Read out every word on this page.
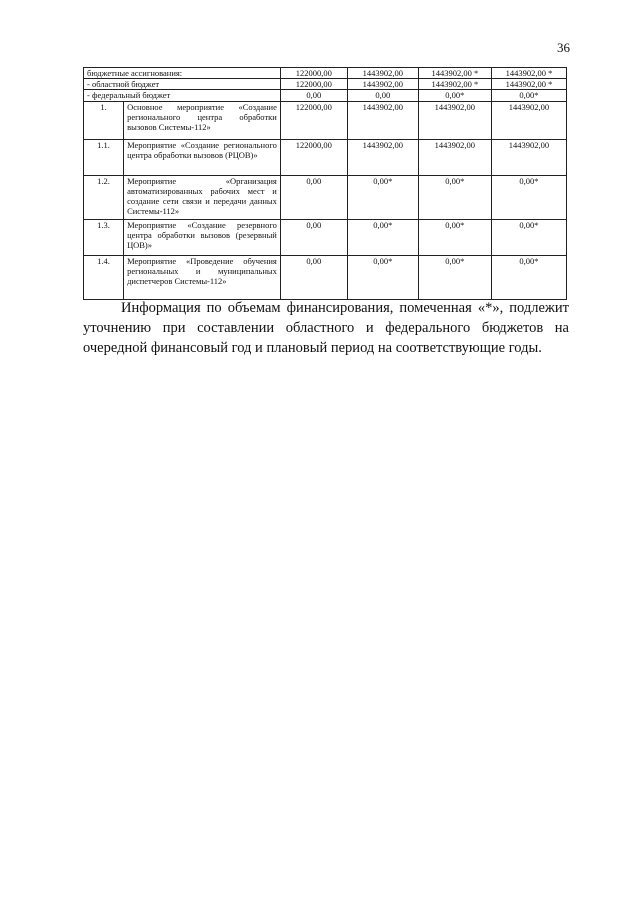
36
бюджетные ассигнования:		122000,00	1443902,00	1443902,00 *	1443902,00 *
- областной бюджет		122000,00	1443902,00	1443902,00 *	1443902,00 *
- федеральный бюджет		0,00	0,00	0,00*	0,00*
1.	Основное мероприятие «Создание регионального центра обработки вызовов Системы-112»	122000,00	1443902,00	1443902,00	1443902,00
1.1.	Мероприятие «Создание регионального центра обработки вызовов (РЦОВ)»	122000,00	1443902,00	1443902,00	1443902,00
1.2.	Мероприятие «Организация автоматизированных рабочих мест и создание сети связи и передачи данных Системы-112»	0,00	0,00*	0,00*	0,00*
1.3.	Мероприятие «Создание резервного центра обработки вызовов (резервный ЦОВ)»	0,00	0,00*	0,00*	0,00*
1.4.	Мероприятие «Проведение обучения региональных и муниципальных диспетчеров Системы-112»	0,00	0,00*	0,00*	0,00*

Информация по объемам финансирования, помеченная «*», подлежит уточнению при составлении областного и федерального бюджетов на очередной финансовый год и плановый период на соответствующие годы.
